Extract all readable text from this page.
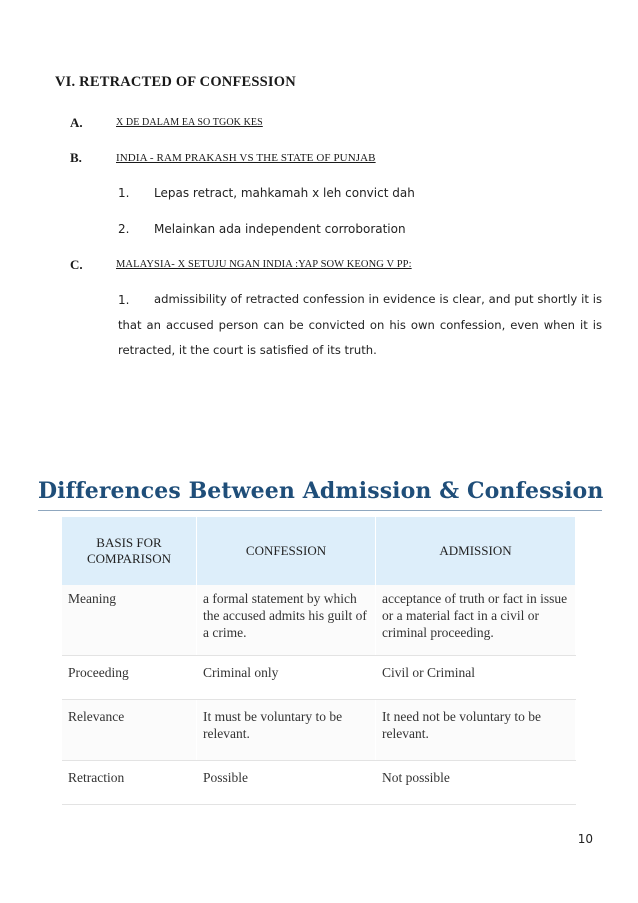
VI. RETRACTED OF CONFESSION
A.	X DE DALAM EA SO TGOK KES
B.	INDIA - RAM PRAKASH VS THE STATE OF PUNJAB
1. Lepas retract, mahkamah x leh convict dah
2. Melainkan ada independent corroboration
C.	MALAYSIA- X SETUJU NGAN INDIA :YAP SOW KEONG V PP:
1.	admissibility of retracted confession in evidence is clear, and put shortly it is
that an accused person can be convicted on his own confession, even when it is
retracted, it the court is satisfied of its truth.
Differences Between Admission & Confession
BASIS FOR COMPARISON	CONFESSION	ADMISSION
Meaning	a formal statement by which the accused admits his guilt of a crime.	acceptance of truth or fact in issue or a material fact in a civil or criminal proceeding.
Proceeding	Criminal only	Civil or Criminal
Relevance	It must be voluntary to be relevant.	It need not be voluntary to be relevant.
Retraction	Possible	Not possible
10
